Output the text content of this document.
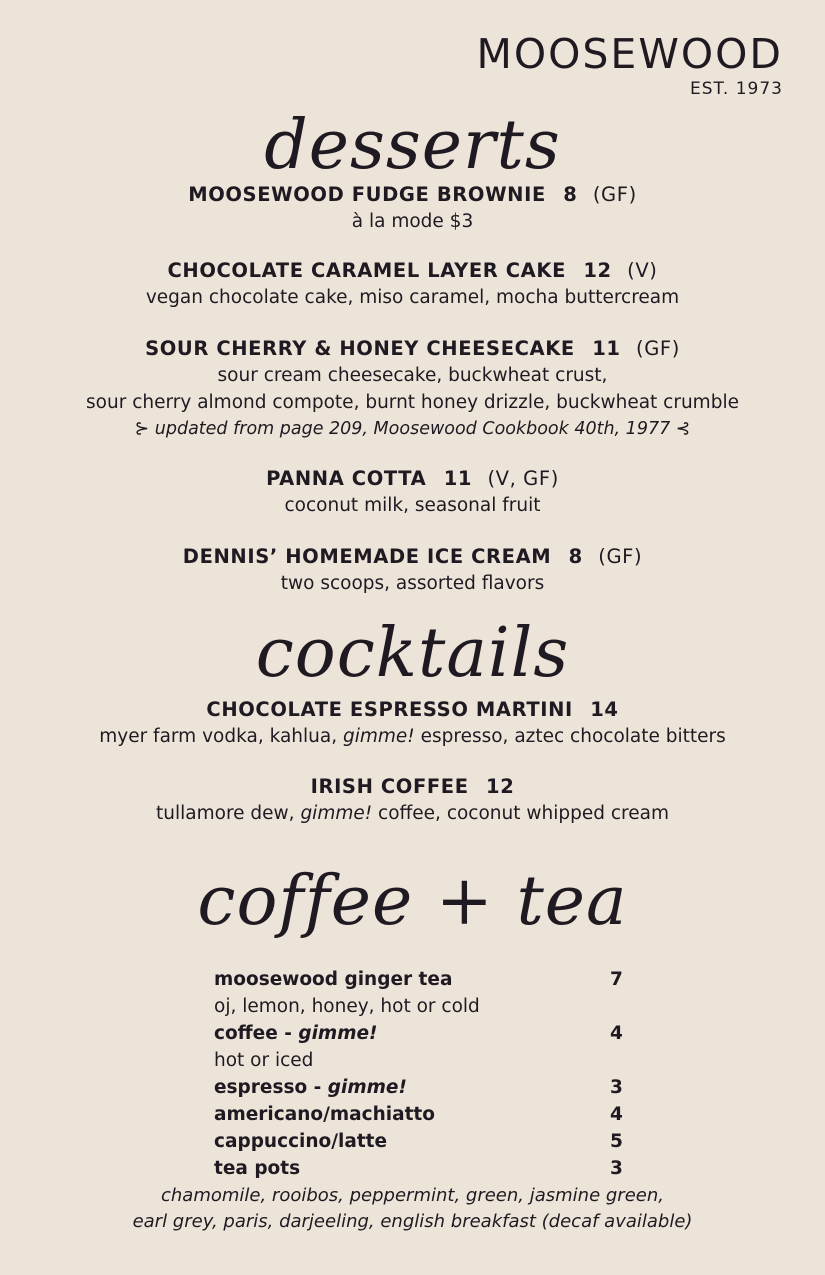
MOOSEWOOD
EST. 1973
desserts
MOOSEWOOD FUDGE BROWNIE 8 (GF)
à la mode $3
CHOCOLATE CARAMEL LAYER CAKE 12 (V)
vegan chocolate cake, miso caramel, mocha buttercream
SOUR CHERRY & HONEY CHEESECAKE 11 (GF)
sour cream cheesecake, buckwheat crust,
sour cherry almond compote, burnt honey drizzle, buckwheat crumble
⊱ updated from page 209, Moosewood Cookbook 40th, 1977 ⊰
PANNA COTTA 11 (V, GF)
coconut milk, seasonal fruit
DENNIS’ HOMEMADE ICE CREAM 8 (GF)
two scoops, assorted flavors
cocktails
CHOCOLATE ESPRESSO MARTINI 14
myer farm vodka, kahlua, gimme! espresso, aztec chocolate bitters
IRISH COFFEE 12
tullamore dew, gimme! coffee, coconut whipped cream
coffee + tea
moosewood ginger tea	7
oj, lemon, honey, hot or cold
coffee - gimme!	4
hot or iced
espresso - gimme!	3
americano/machiatto	4
cappuccino/latte	5
tea pots	3
chamomile, rooibos, peppermint, green, jasmine green,
earl grey, paris, darjeeling, english breakfast (decaf available)
